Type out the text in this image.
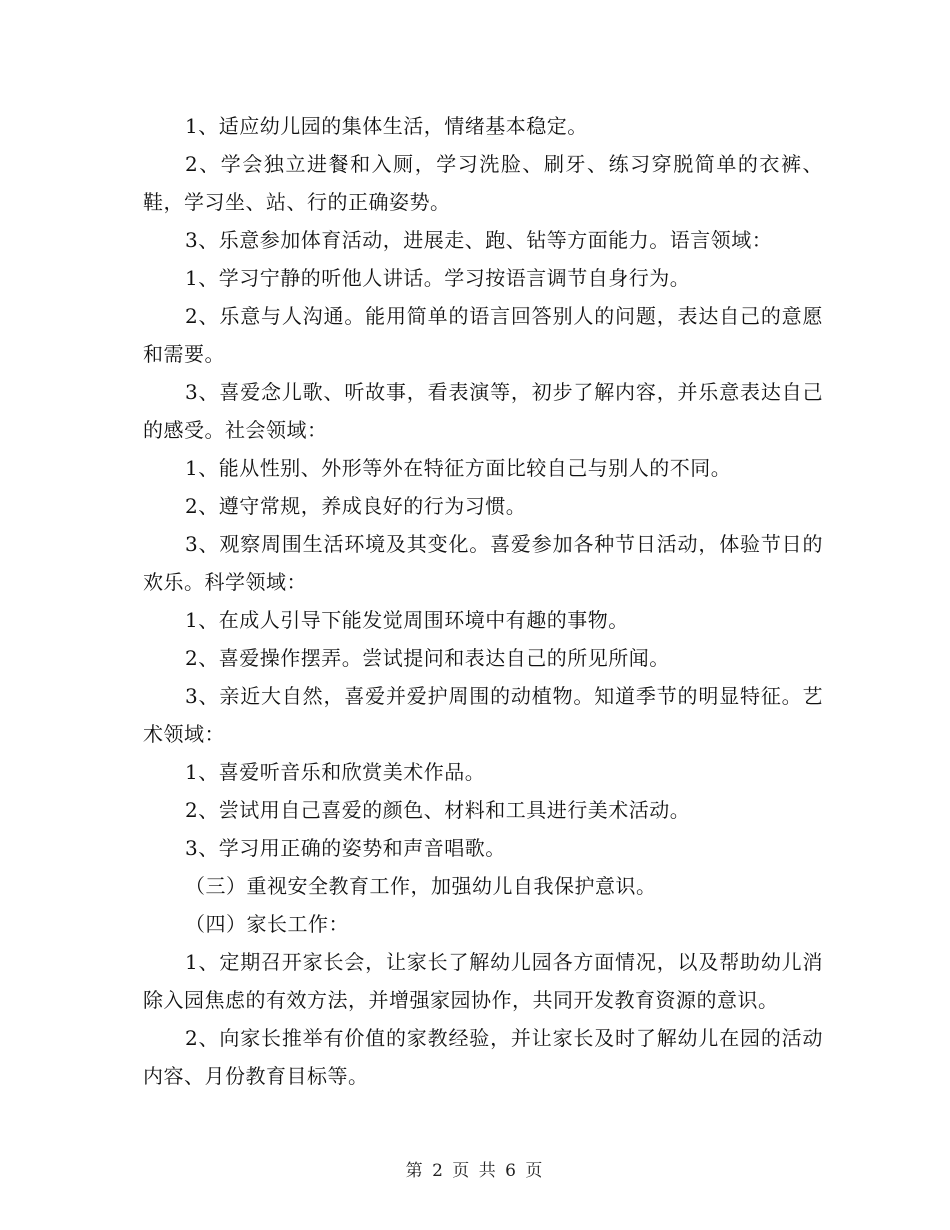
1、适应幼儿园的集体生活，情绪基本稳定。

2、学会独立进餐和入厕，学习洗脸、刷牙、练习穿脱简单的衣裤、鞋，学习坐、站、行的正确姿势。

3、乐意参加体育活动，进展走、跑、钻等方面能力。语言领域：

1、学习宁静的听他人讲话。学习按语言调节自身行为。

2、乐意与人沟通。能用简单的语言回答别人的问题，表达自己的意愿和需要。

3、喜爱念儿歌、听故事，看表演等，初步了解内容，并乐意表达自己的感受。社会领域：

1、能从性别、外形等外在特征方面比较自己与别人的不同。

2、遵守常规，养成良好的行为习惯。

3、观察周围生活环境及其变化。喜爱参加各种节日活动，体验节日的欢乐。科学领域：

1、在成人引导下能发觉周围环境中有趣的事物。

2、喜爱操作摆弄。尝试提问和表达自己的所见所闻。

3、亲近大自然，喜爱并爱护周围的动植物。知道季节的明显特征。艺术领域：

1、喜爱听音乐和欣赏美术作品。

2、尝试用自己喜爱的颜色、材料和工具进行美术活动。

3、学习用正确的姿势和声音唱歌。

（三）重视安全教育工作，加强幼儿自我保护意识。

（四）家长工作：

1、定期召开家长会，让家长了解幼儿园各方面情况，以及帮助幼儿消除入园焦虑的有效方法，并增强家园协作，共同开发教育资源的意识。

2、向家长推举有价值的家教经验，并让家长及时了解幼儿在园的活动内容、月份教育目标等。

第 2 页 共 6 页
